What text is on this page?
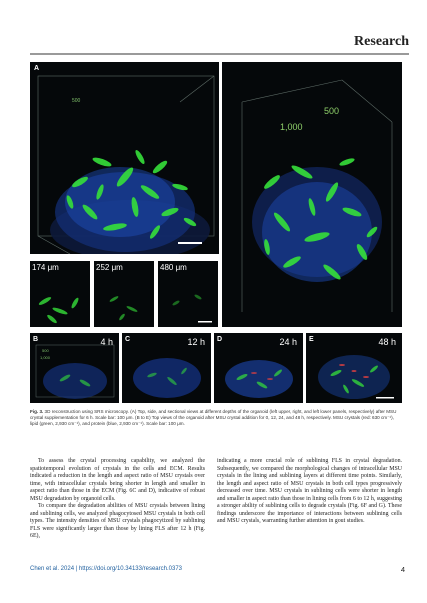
Research
A
500
1,000
500
174 μm	252 μm	480 μm
B
500
1,000
4 h C	12 h D	24 h E	48 h
Fig. 3. 3D reconstruction using SRS microscopy. (A) Top, side, and sectional views at different depths of the organoid (left upper, right, and left lower panels, respectively) after MSU crystal supplementation for 6 h. Scale bar: 100 μm. (B to E) Top views of the organoid after MSU crystal addition for 0, 12, 24, and 48 h, respectively. MSU crystals (red: 630 cm⁻¹), lipid (green, 2,930 cm⁻¹), and protein (blue, 2,930 cm⁻¹). Scale bar: 100 μm.

To assess the crystal processing capability, we analyzed the spatiotemporal evolution of crystals in the cells and ECM. Results indicated a reduction in the length and aspect ratio of MSU crystals over time, with intracellular crystals being shorter in length and smaller in aspect ratio than those in the ECM (Fig. 6C and D), indicative of robust MSU degradation by organoid cells.

To compare the degradation abilities of MSU crystals between lining and sublining cells, we analyzed phagocytosed MSU crystals in both cell types. The intensity densities of MSU crystals phagocytized by sublining FLS were significantly larger than those by lining FLS after 12 h (Fig. 6E),

indicating a more crucial role of sublining FLS in crystal degradation. Subsequently, we compared the morphological changes of intracellular MSU crystals in the lining and sublining layers at different time points. Similarly, the length and aspect ratio of MSU crystals in both cell types progressively decreased over time. MSU crystals in sublining cells were shorter in length and smaller in aspect ratio than those in lining cells from 6 to 12 h, suggesting a stronger ability of sublining cells to degrade crystals (Fig. 6F and G). These findings underscore the importance of interactions between sublining cells and MSU crystals, warranting further attention in gout studies.

Chen et al. 2024 | https://doi.org/10.34133/research.0373	4
